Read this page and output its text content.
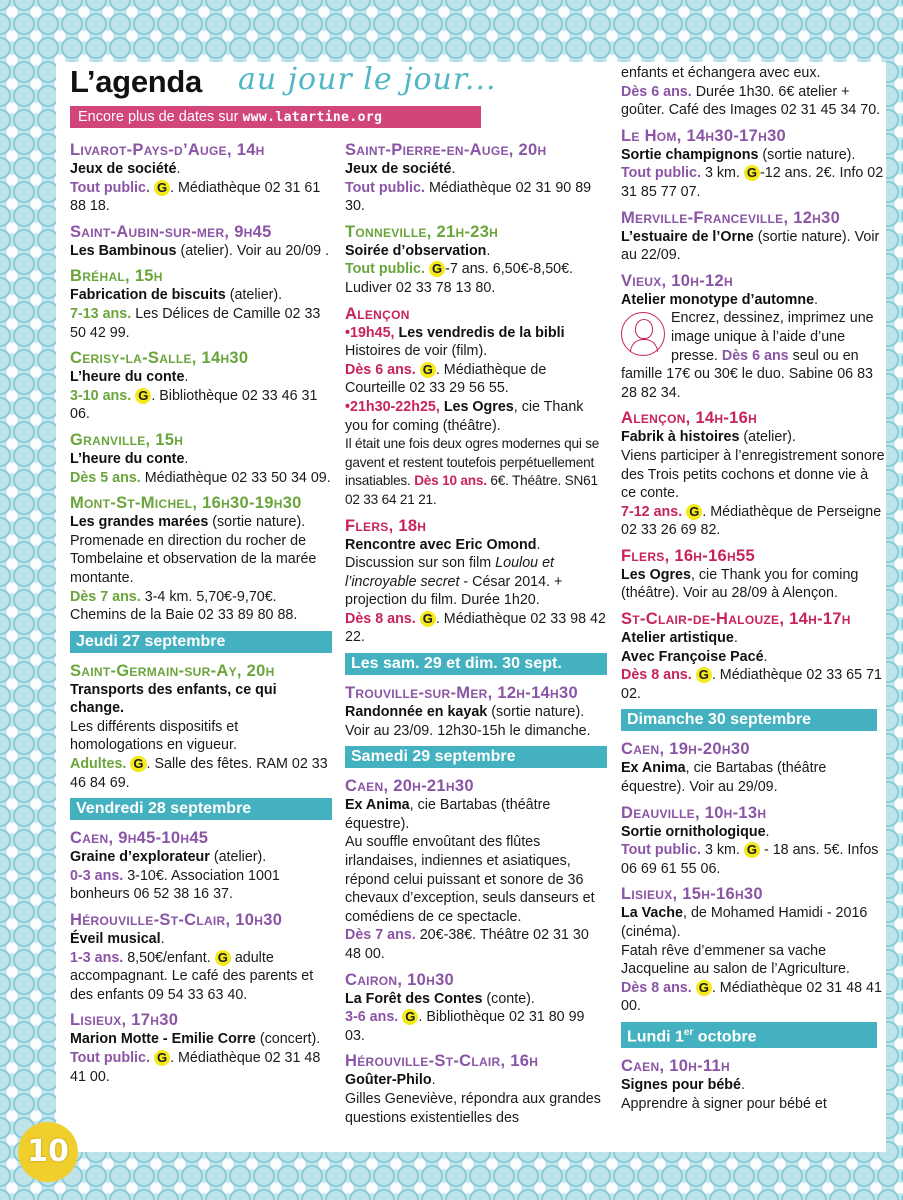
L’agenda au jour le jour...
Encore plus de dates sur www.latartine.org
Livarot-Pays-d’Auge, 14h
Jeux de société.
Tout public. G . Médiathèque 02 31 61 88 18.
Saint-Aubin-sur-mer, 9h45
Les Bambinous (atelier). Voir au 20/09 .
Bréhal, 15h
Fabrication de biscuits (atelier).
7-13 ans. Les Délices de Camille 02 33 50 42 99.
Cerisy-la-Salle, 14h30
L’heure du conte.
3-10 ans. G . Bibliothèque 02 33 46 31 06.
Granville, 15h
L’heure du conte.
Dès 5 ans. Médiathèque 02 33 50 34 09.
Mont-St-Michel, 16h30-19h30
Les grandes marées (sortie nature).
Promenade en direction du rocher de Tombelaine et observation de la marée montante.
Dès 7 ans. 3-4 km. 5,70€-9,70€. Chemins de la Baie 02 33 89 80 88.
Jeudi 27 septembre
Saint-Germain-sur-Ay, 20h
Transports des enfants, ce qui change.
Les différents dispositifs et homologations en vigueur.
Adultes. G . Salle des fêtes. RAM 02 33 46 84 69.
Vendredi 28 septembre
Caen, 9h45-10h45
Graine d’explorateur (atelier).
0-3 ans. 3-10€. Association 1001 bonheurs 06 52 38 16 37.
Hérouville-St-Clair, 10h30
Éveil musical.
1-3 ans. 8,50€/enfant. G adulte accompagnant. Le café des parents et des enfants 09 54 33 63 40.
Lisieux, 17h30
Marion Motte - Emilie Corre (concert).
Tout public. G . Médiathèque 02 31 48 41 00.
Saint-Pierre-en-Auge, 20h
Jeux de société.
Tout public. Médiathèque 02 31 90 89 30.
Tonneville, 21h-23h
Soirée d’observation.
Tout public. G -7 ans. 6,50€-8,50€. Ludiver 02 33 78 13 80.
Alençon
•19h45, Les vendredis de la bibli
Histoires de voir (film).
Dès 6 ans. G . Médiathèque de Courteille 02 33 29 56 55.
•21h30-22h25, Les Ogres, cie Thank you for coming (théâtre).
Il était une fois deux ogres modernes qui se gavent et restent toutefois perpétuellement insatiables. Dès 10 ans. 6€. Théâtre. SN61 02 33 64 21 21.
Flers, 18h
Rencontre avec Eric Omond.
Discussion sur son film Loulou et l’incroyable secret - César 2014. + projection du film. Durée 1h20.
Dès 8 ans. G . Médiathèque 02 33 98 42 22.
Les sam. 29 et dim. 30 sept.
Trouville-sur-Mer, 12h-14h30
Randonnée en kayak (sortie nature). Voir au 23/09. 12h30-15h le dimanche.
Samedi 29 septembre
Caen, 20h-21h30
Ex Anima, cie Bartabas (théâtre équestre).
Au souffle envoûtant des flûtes irlandaises, indiennes et asiatiques, répond celui puissant et sonore de 36 chevaux d’exception, seuls danseurs et comédiens de ce spectacle.
Dès 7 ans. 20€-38€. Théâtre 02 31 30 48 00.
Cairon, 10h30
La Forêt des Contes (conte).
3-6 ans. G . Bibliothèque 02 31 80 99 03.
Hérouville-St-Clair, 16h
Goûter-Philo.
Gilles Geneviève, répondra aux grandes questions existentielles des
enfants et échangera avec eux.
Dès 6 ans. Durée 1h30. 6€ atelier + goûter. Café des Images 02 31 45 34 70.
Le Hom, 14h30-17h30
Sortie champignons (sortie nature).
Tout public. 3 km. G -12 ans. 2€. Info 02 31 85 77 07.
Merville-Franceville, 12h30
L’estuaire de l’Orne (sortie nature). Voir au 22/09.
Vieux, 10h-12h
Atelier monotype d’automne.
Encrez, dessinez, imprimez une image unique à l’aide d’une presse. Dès 6 ans seul ou en famille 17€ ou 30€ le duo. Sabine 06 83 28 82 34.
Alençon, 14h-16h
Fabrik à histoires (atelier).
Viens participer à l’enregistrement sonore des Trois petits cochons et donne vie à ce conte.
7-12 ans. G . Médiathèque de Perseigne 02 33 26 69 82.
Flers, 16h-16h55
Les Ogres, cie Thank you for coming (théâtre). Voir au 28/09 à Alençon.
St-Clair-de-Halouze, 14h-17h
Atelier artistique.
Avec Françoise Pacé.
Dès 8 ans. G . Médiathèque 02 33 65 71 02.
Dimanche 30 septembre
Caen, 19h-20h30
Ex Anima, cie Bartabas (théâtre équestre). Voir au 29/09.
Deauville, 10h-13h
Sortie ornithologique.
Tout public. 3 km. G - 18 ans. 5€. Infos 06 69 61 55 06.
Lisieux, 15h-16h30
La Vache, de Mohamed Hamidi - 2016 (cinéma).
Fatah rêve d’emmener sa vache Jacqueline au salon de l’Agriculture.
Dès 8 ans. G . Médiathèque 02 31 48 41 00.
Lundi 1er octobre
Caen, 10h-11h
Signes pour bébé.
Apprendre à signer pour bébé et
10
